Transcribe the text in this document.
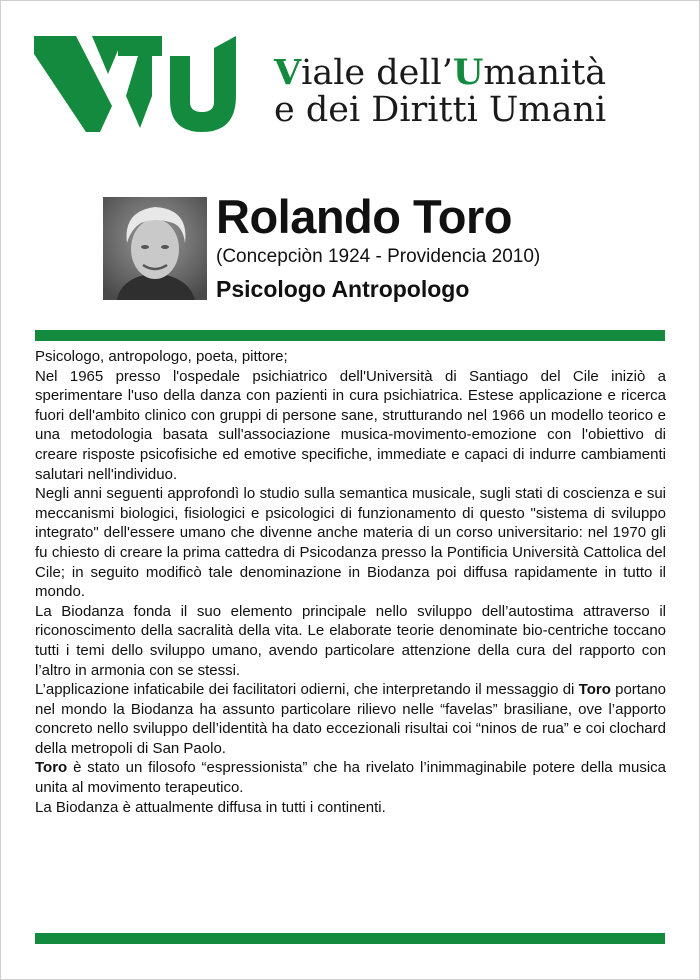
Viale dell’Umanità
e dei Diritti Umani
Rolando Toro
(Concepciòn 1924 - Providencia 2010)
Psicologo Antropologo

Psicologo, antropologo, poeta, pittore;

Nel 1965 presso l'ospedale psichiatrico dell'Università di Santiago del Cile iniziò a sperimentare l'uso della danza con pazienti in cura psichiatrica. Estese applicazione e ricerca fuori dell'ambito clinico con gruppi di persone sane, strutturando nel 1966 un modello teorico e una metodologia basata sull'associazione musica-movimento-emozione con l'obiettivo di creare risposte psicofisiche ed emotive specifiche, immediate e capaci di indurre cambiamenti salutari nell'individuo.

Negli anni seguenti approfondì lo studio sulla semantica musicale, sugli stati di coscienza e sui meccanismi biologici, fisiologici e psicologici di funzionamento di questo "sistema di sviluppo integrato" dell'essere umano che divenne anche materia di un corso universitario: nel 1970 gli fu chiesto di creare la prima cattedra di Psicodanza presso la Pontificia Università Cattolica del Cile; in seguito modificò tale denominazione in Biodanza poi diffusa rapidamente in tutto il mondo.

La Biodanza fonda il suo elemento principale nello sviluppo dell’autostima attraverso il riconoscimento della sacralità della vita. Le elaborate teorie denominate bio-centriche toccano tutti i temi dello sviluppo umano, avendo particolare attenzione della cura del rapporto con l’altro in armonia con se stessi.

L’applicazione infaticabile dei facilitatori odierni, che interpretando il messaggio di Toro portano nel mondo la Biodanza ha assunto particolare rilievo nelle “favelas” brasiliane, ove l’apporto concreto nello sviluppo dell’identità ha dato eccezionali risultai coi “ninos de rua” e coi clochard della metropoli di San Paolo.

Toro è stato un filosofo “espressionista” che ha rivelato l’inimmaginabile potere della musica unita al movimento terapeutico.

La Biodanza è attualmente diffusa in tutti i continenti.
